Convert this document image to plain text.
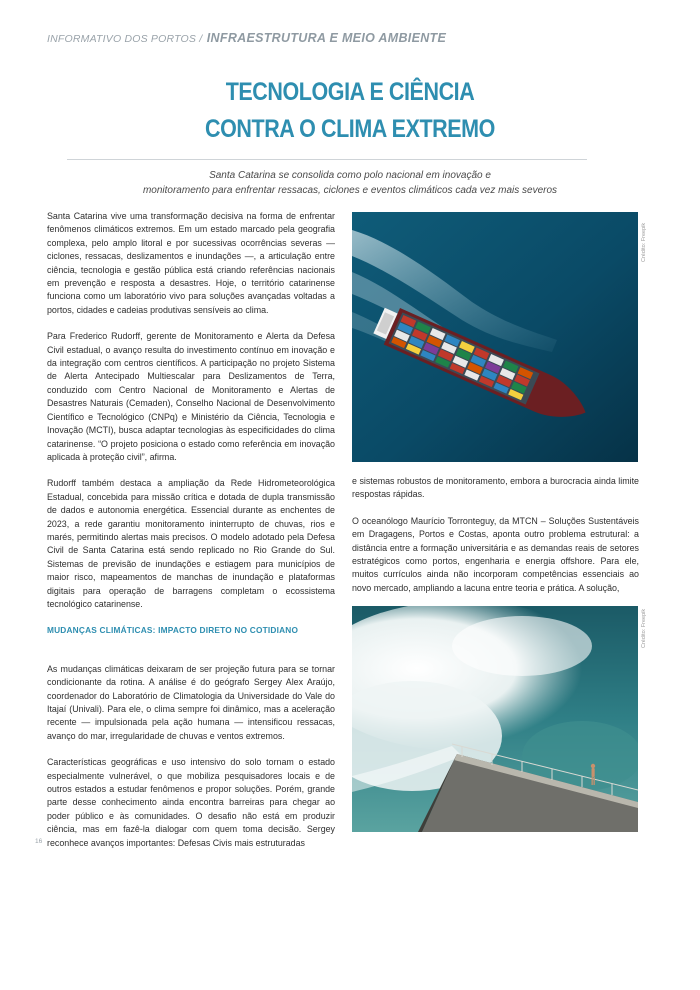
INFORMATIVO DOS PORTOS / INFRAESTRUTURA E MEIO AMBIENTE
TECNOLOGIA E CIÊNCIA
CONTRA O CLIMA EXTREMO
Santa Catarina se consolida como polo nacional em inovação e
monitoramento para enfrentar ressacas, ciclones e eventos climáticos cada vez mais severos

Santa Catarina vive uma transformação decisiva na forma de enfrentar fenômenos climáticos extremos. Em um estado marcado pela geografia complexa, pelo amplo litoral e por sucessivas ocorrências severas — ciclones, ressacas, deslizamentos e inundações —, a articulação entre ciência, tecnologia e gestão pública está criando referências nacionais em prevenção e resposta a desastres. Hoje, o território catarinense funciona como um laboratório vivo para soluções avançadas voltadas a portos, cidades e cadeias produtivas sensíveis ao clima.

Para Frederico Rudorff, gerente de Monitoramento e Alerta da Defesa Civil estadual, o avanço resulta do investimento contínuo em inovação e da integração com centros científicos. A participação no projeto Sistema de Alerta Antecipado Multiescalar para Deslizamentos de Terra, conduzido com Centro Nacional de Monitoramento e Alertas de Desastres Naturais (Cemaden), Conselho Nacional de Desenvolvimento Científico e Tecnológico (CNPq) e Ministério da Ciência, Tecnologia e Inovação (MCTI), busca adaptar tecnologias às especificidades do clima catarinense. “O projeto posiciona o estado como referência em inovação aplicada à proteção civil”, afirma.

Rudorff também destaca a ampliação da Rede Hidrometeorológica Estadual, concebida para missão crítica e dotada de dupla transmissão de dados e autonomia energética. Essencial durante as enchentes de 2023, a rede garantiu monitoramento ininterrupto de chuvas, rios e marés, permitindo alertas mais precisos. O modelo adotado pela Defesa Civil de Santa Catarina está sendo replicado no Rio Grande do Sul. Sistemas de previsão de inundações e estiagem para municípios de maior risco, mapeamentos de manchas de inundação e plataformas digitais para operação de barragens completam o ecossistema tecnológico catarinense.

MUDANÇAS CLIMÁTICAS: IMPACTO DIRETO NO COTIDIANO

As mudanças climáticas deixaram de ser projeção futura para se tornar condicionante da rotina. A análise é do geógrafo Sergey Alex Araújo, coordenador do Laboratório de Climatologia da Universidade do Vale do Itajaí (Univali). Para ele, o clima sempre foi dinâmico, mas a aceleração recente — impulsionada pela ação humana — intensificou ressacas, avanço do mar, irregularidade de chuvas e ventos extremos.

Características geográficas e uso intensivo do solo tornam o estado especialmente vulnerável, o que mobiliza pesquisadores locais e de outros estados a estudar fenômenos e propor soluções. Porém, grande parte desse conhecimento ainda encontra barreiras para chegar ao poder público e às comunidades. O desafio não está em produzir ciência, mas em fazê-la dialogar com quem toma decisão. Sergey reconhece avanços importantes: Defesas Civis mais estruturadas

Crédito: Freepik

e sistemas robustos de monitoramento, embora a burocracia ainda limite respostas rápidas.

O oceanólogo Maurício Torronteguy, da MTCN – Soluções Sustentáveis em Dragagens, Portos e Costas, aponta outro problema estrutural: a distância entre a formação universitária e as demandas reais de setores estratégicos como portos, engenharia e energia offshore. Para ele, muitos currículos ainda não incorporam competências essenciais ao novo mercado, ampliando a lacuna entre teoria e prática. A solução,

Crédito: Freepik
16
